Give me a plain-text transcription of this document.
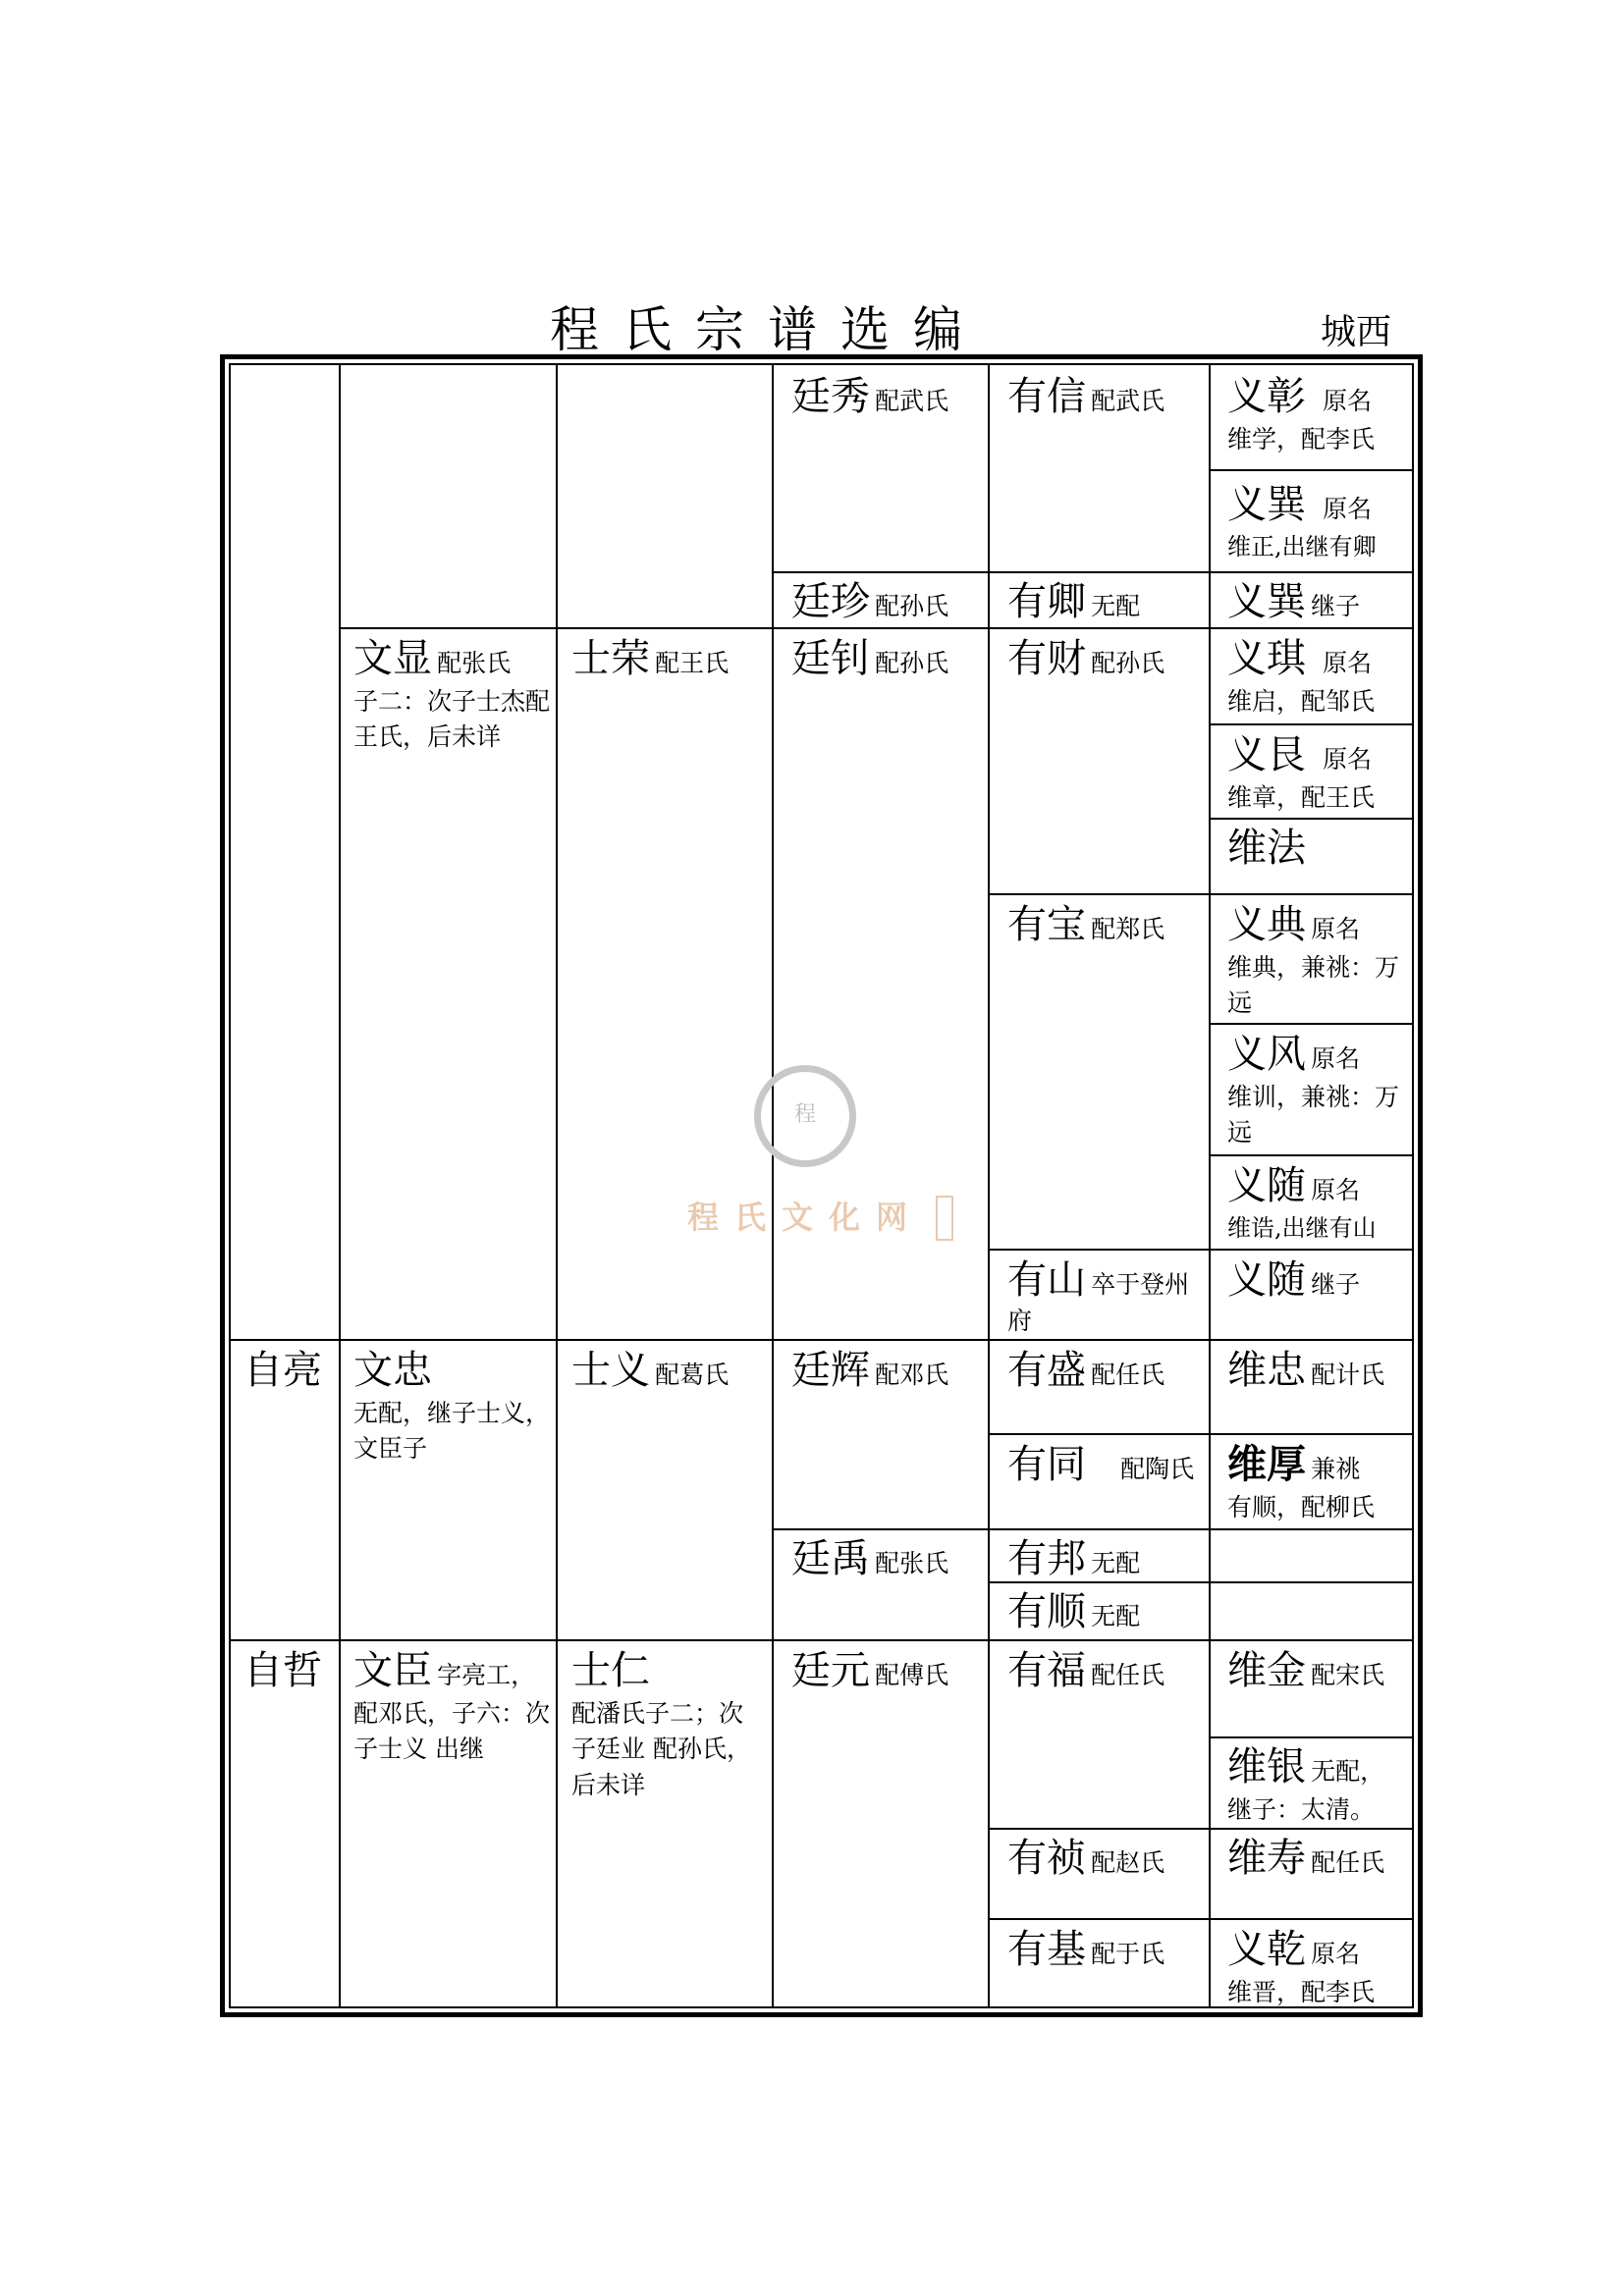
程氏宗谱选编	城西
程
程氏文化网
廷秀 配武氏 有信 配武氏 义彰 原名
维学，配李氏
义巽 原名
维正,出继有卿
廷珍 配孙氏 有卿 无配 义巽 继子
文显 配张氏
子二：次子士杰配王氏，后未详
士荣 配王氏 廷钊 配孙氏 有财 配孙氏 义琪 原名
维启，配邹氏
义艮 原名
维章，配王氏
维法
有宝 配郑氏 义典 原名
维典，兼祧：万远
义风 原名
维训，兼祧：万远
义随 原名
维诰,出继有山
有山 卒于登州府
义随 继子
自亮 文忠
无配，继子士义，文臣子
士义 配葛氏 廷辉 配邓氏 有盛 配任氏 维忠 配计氏
有同 配陶氏 维厚 兼祧
有顺，配柳氏
廷禹 配张氏 有邦 无配
有顺 无配
自哲 文臣 字亮工，
配邓氏，子六：次子士义 出继
士仁
配潘氏子二；次子廷业 配孙氏，后未详
廷元 配傅氏 有福 配任氏 维金 配宋氏
维银 无配，
继子：太清。
有祯 配赵氏 维寿 配任氏
有基 配于氏 义乾 原名
维晋，配李氏
